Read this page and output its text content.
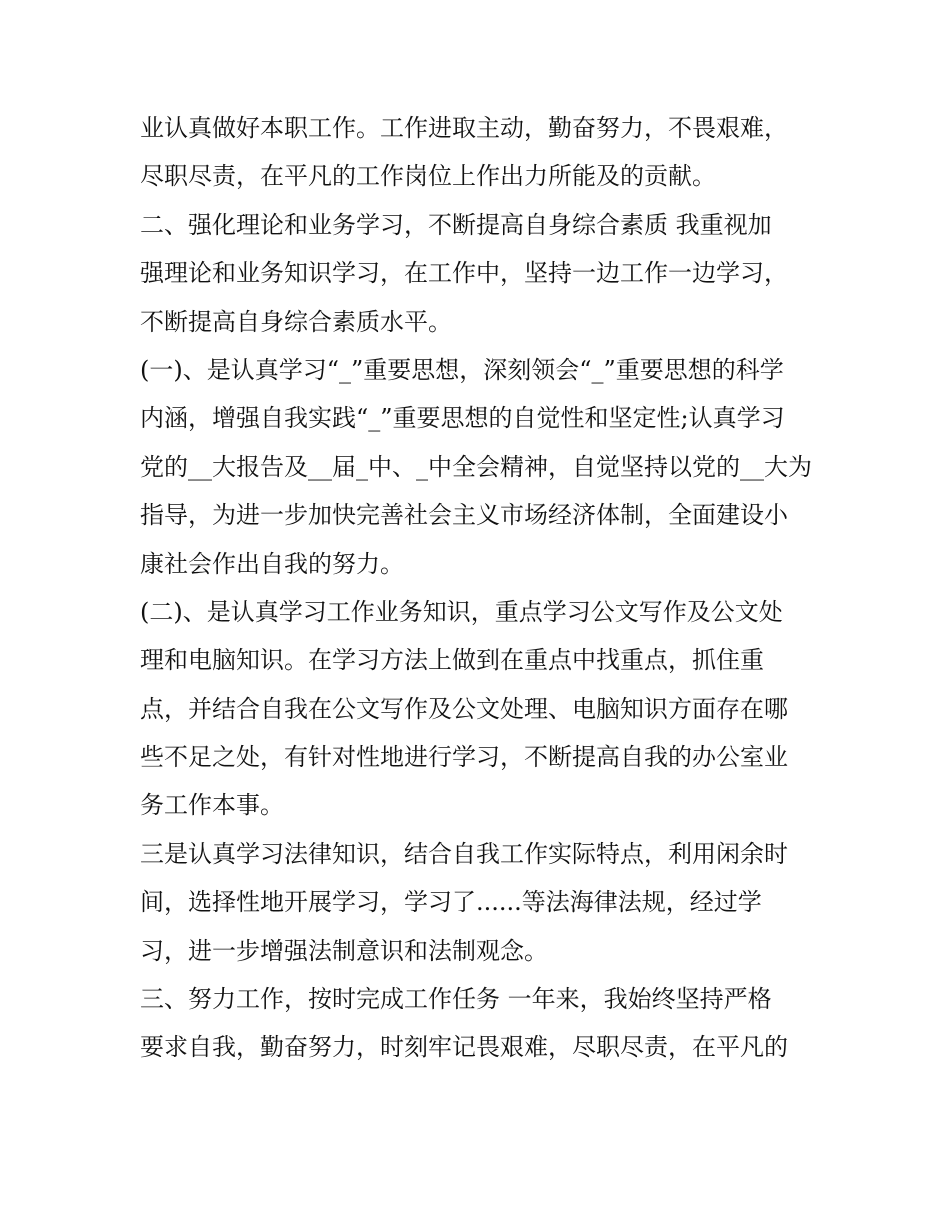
业认真做好本职工作。工作进取主动，勤奋努力，不畏艰难，
尽职尽责，在平凡的工作岗位上作出力所能及的贡献。
二、强化理论和业务学习，不断提高自身综合素质 我重视加
强理论和业务知识学习，在工作中，坚持一边工作一边学习，
不断提高自身综合素质水平。
(一)、是认真学习“_”重要思想，深刻领会“_”重要思想的科学
内涵，增强自我实践“_”重要思想的自觉性和坚定性;认真学习
党的__大报告及__届_中、_中全会精神，自觉坚持以党的__大为
指导，为进一步加快完善社会主义市场经济体制，全面建设小
康社会作出自我的努力。
(二)、是认真学习工作业务知识，重点学习公文写作及公文处
理和电脑知识。在学习方法上做到在重点中找重点，抓住重
点，并结合自我在公文写作及公文处理、电脑知识方面存在哪
些不足之处，有针对性地进行学习，不断提高自我的办公室业
务工作本事。
三是认真学习法律知识，结合自我工作实际特点，利用闲余时
间，选择性地开展学习，学习了......等法海律法规，经过学
习，进一步增强法制意识和法制观念。
三、努力工作，按时完成工作任务 一年来，我始终坚持严格
要求自我，勤奋努力，时刻牢记畏艰难，尽职尽责，在平凡的
